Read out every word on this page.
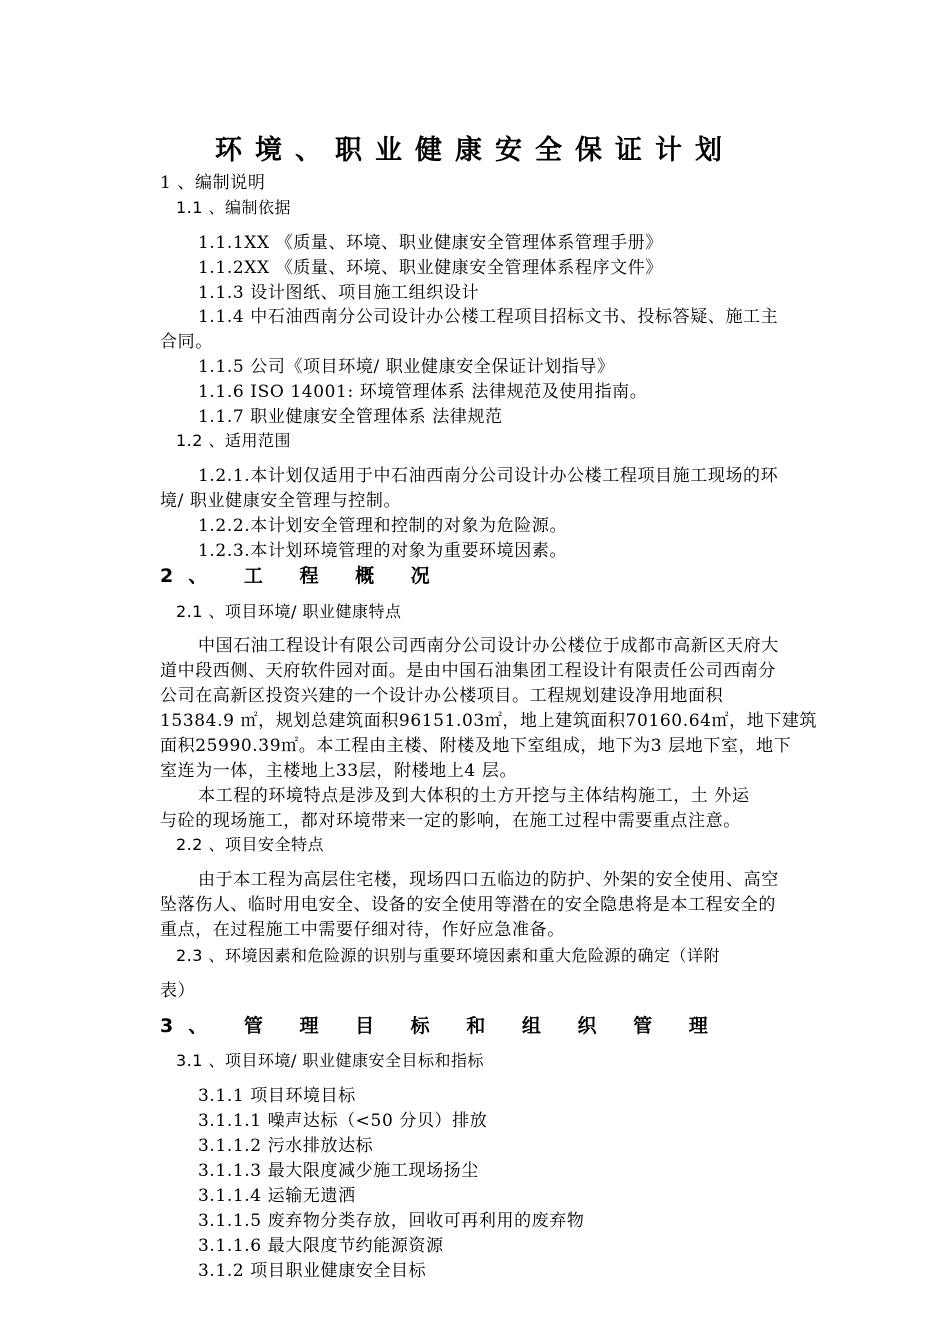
环境、职业健康安全保证计划
1 、编制说明
1.1 、编制依据
1.1.1XX 《质量、环境、职业健康安全管理体系管理手册》
1.1.2XX 《质量、环境、职业健康安全管理体系程序文件》
1.1.3 设计图纸、项目施工组织设计
1.1.4 中石油西南分公司设计办公楼工程项目招标文书、投标答疑、施工主
合同。
1.1.5 公司《项目环境/ 职业健康安全保证计划指导》
1.1.6 ISO 14001: 环境管理体系 法律规范及使用指南。
1.1.7 职业健康安全管理体系 法律规范
1.2 、适用范围
1.2.1.本计划仅适用于中石油西南分公司设计办公楼工程项目施工现场的环
境/ 职业健康安全管理与控制。
1.2.2.本计划安全管理和控制的对象为危险源。
1.2.3.本计划环境管理的对象为重要环境因素。
2、 工 程 概 况
2.1 、项目环境/ 职业健康特点
中国石油工程设计有限公司西南分公司设计办公楼位于成都市高新区天府大
道中段西侧、天府软件园对面。是由中国石油集团工程设计有限责任公司西南分
公司在高新区投资兴建的一个设计办公楼项目。工程规划建设净用地面积
15384.9 ㎡，规划总建筑面积96151.03㎡，地上建筑面积70160.64㎡，地下建筑
面积25990.39㎡。本工程由主楼、附楼及地下室组成，地下为3 层地下室，地下
室连为一体，主楼地上33层，附楼地上4 层。
本工程的环境特点是涉及到大体积的土方开挖与主体结构施工，土 外运
与砼的现场施工，都对环境带来一定的影响，在施工过程中需要重点注意。
2.2 、项目安全特点
由于本工程为高层住宅楼，现场四口五临边的防护、外架的安全使用、高空
坠落伤人、临时用电安全、设备的安全使用等潜在的安全隐患将是本工程安全的
重点，在过程施工中需要仔细对待，作好应急准备。
2.3 、环境因素和危险源的识别与重要环境因素和重大危险源的确定（详附
表）
3、 管 理 目 标 和 组 织 管 理
3.1 、项目环境/ 职业健康安全目标和指标
3.1.1 项目环境目标
3.1.1.1 噪声达标（<50 分贝）排放
3.1.1.2 污水排放达标
3.1.1.3 最大限度减少施工现场扬尘
3.1.1.4 运输无遗洒
3.1.1.5 废弃物分类存放，回收可再利用的废弃物
3.1.1.6 最大限度节约能源资源
3.1.2 项目职业健康安全目标
